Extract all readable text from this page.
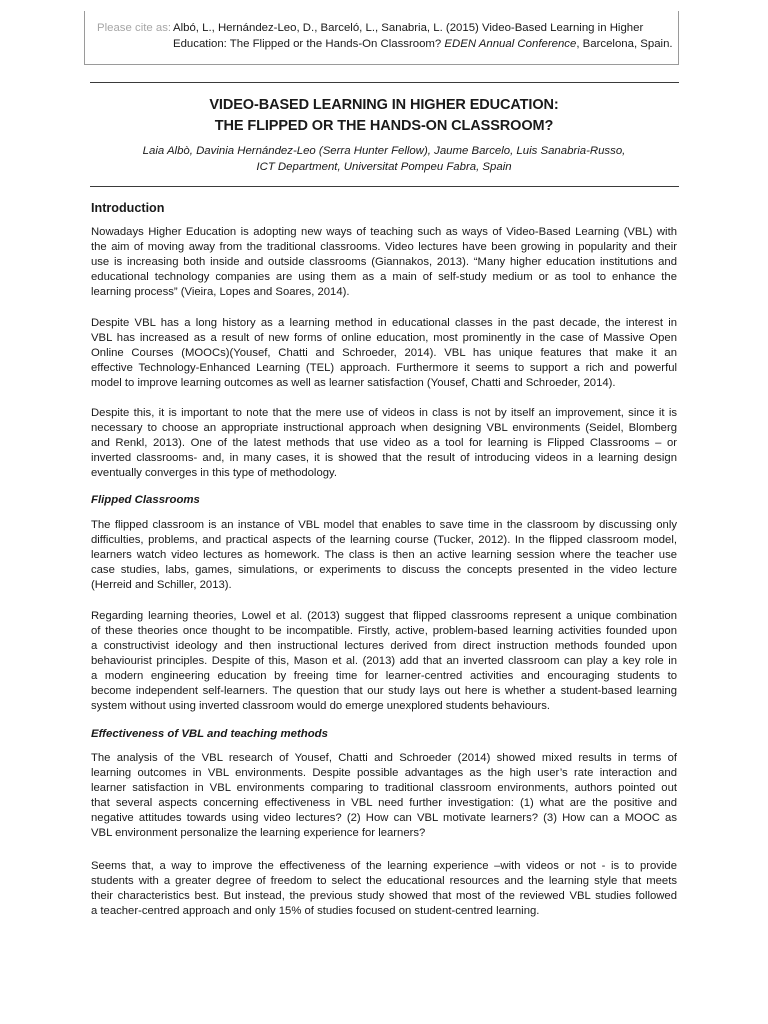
Please cite as: Albó, L., Hernández-Leo, D., Barceló, L., Sanabria, L. (2015) Video-Based Learning in Higher
Education: The Flipped or the Hands-On Classroom? EDEN Annual Conference, Barcelona, Spain.
VIDEO-BASED LEARNING IN HIGHER EDUCATION:
THE FLIPPED OR THE HANDS-ON CLASSROOM?
Laia Albò, Davinia Hernández-Leo (Serra Hunter Fellow), Jaume Barcelo, Luis Sanabria-Russo,
ICT Department, Universitat Pompeu Fabra, Spain
Introduction
Nowadays Higher Education is adopting new ways of teaching such as ways of Video-Based Learning (VBL) with
the aim of moving away from the traditional classrooms. Video lectures have been growing in popularity and their
use is increasing both inside and outside classrooms (Giannakos, 2013). “Many higher education institutions and
educational technology companies are using them as a main of self-study medium or as tool to enhance the
learning process” (Vieira, Lopes and Soares, 2014).
Despite VBL has a long history as a learning method in educational classes in the past decade, the interest in
VBL has increased as a result of new forms of online education, most prominently in the case of Massive Open
Online Courses (MOOCs)(Yousef, Chatti and Schroeder, 2014). VBL has unique features that make it an
effective Technology-Enhanced Learning (TEL) approach. Furthermore it seems to support a rich and powerful
model to improve learning outcomes as well as learner satisfaction (Yousef, Chatti and Schroeder, 2014).
Despite this, it is important to note that the mere use of videos in class is not by itself an improvement, since it is
necessary to choose an appropriate instructional approach when designing VBL environments (Seidel, Blomberg
and Renkl, 2013). One of the latest methods that use video as a tool for learning is Flipped Classrooms – or
inverted classrooms- and, in many cases, it is showed that the result of introducing videos in a learning design
eventually converges in this type of methodology.
Flipped Classrooms
The flipped classroom is an instance of VBL model that enables to save time in the classroom by discussing only
difficulties, problems, and practical aspects of the learning course (Tucker, 2012). In the flipped classroom model,
learners watch video lectures as homework. The class is then an active learning session where the teacher use
case studies, labs, games, simulations, or experiments to discuss the concepts presented in the video lecture
(Herreid and Schiller, 2013).
Regarding learning theories, Lowel et al. (2013) suggest that flipped classrooms represent a unique combination
of these theories once thought to be incompatible. Firstly, active, problem-based learning activities founded upon
a constructivist ideology and then instructional lectures derived from direct instruction methods founded upon
behaviourist principles. Despite of this, Mason et al. (2013) add that an inverted classroom can play a key role in
a modern engineering education by freeing time for learner-centred activities and encouraging students to
become independent self-learners. The question that our study lays out here is whether a student-based learning
system without using inverted classroom would do emerge unexplored students behaviours.
Effectiveness of VBL and teaching methods
The analysis of the VBL research of Yousef, Chatti and Schroeder (2014) showed mixed results in terms of
learning outcomes in VBL environments. Despite possible advantages as the high user’s rate interaction and
learner satisfaction in VBL environments comparing to traditional classroom environments, authors pointed out
that several aspects concerning effectiveness in VBL need further investigation: (1) what are the positive and
negative attitudes towards using video lectures? (2) How can VBL motivate learners? (3) How can a MOOC as
VBL environment personalize the learning experience for learners?
Seems that, a way to improve the effectiveness of the learning experience –with videos or not - is to provide
students with a greater degree of freedom to select the educational resources and the learning style that meets
their characteristics best. But instead, the previous study showed that most of the reviewed VBL studies followed
a teacher-centred approach and only 15% of studies focused on student-centred learning.
